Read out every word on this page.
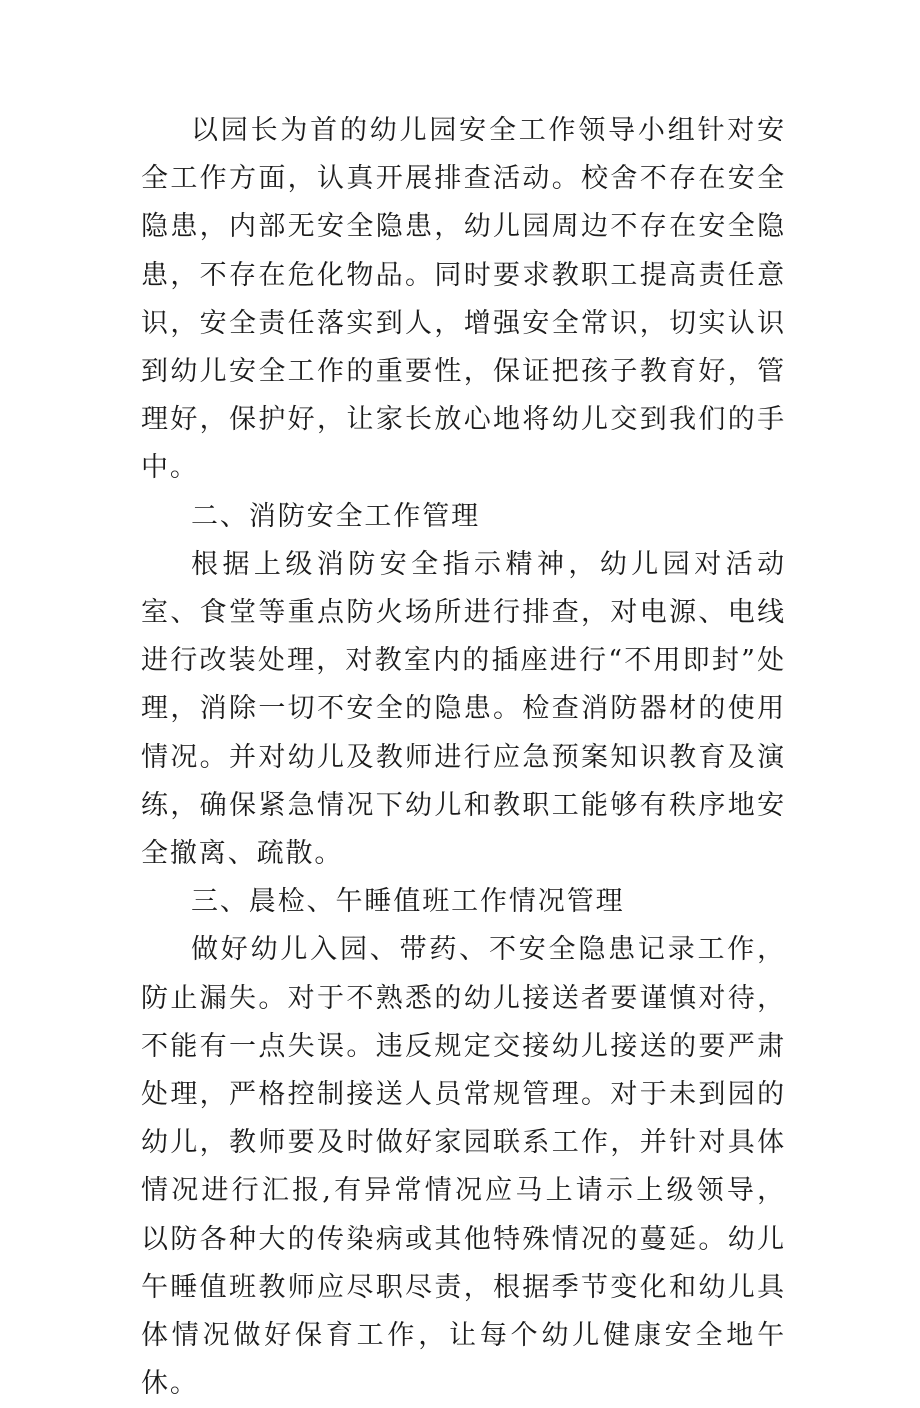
以园长为首的幼儿园安全工作领导小组针对安全工作方面，认真开展排查活动。校舍不存在安全隐患，内部无安全隐患，幼儿园周边不存在安全隐患，不存在危化物品。同时要求教职工提高责任意识，安全责任落实到人，增强安全常识，切实认识到幼儿安全工作的重要性，保证把孩子教育好，管理好，保护好，让家长放心地将幼儿交到我们的手中。

二、消防安全工作管理

根据上级消防安全指示精神，幼儿园对活动室、食堂等重点防火场所进行排查，对电源、电线进行改装处理，对教室内的插座进行“不用即封”处理，消除一切不安全的隐患。检查消防器材的使用情况。并对幼儿及教师进行应急预案知识教育及演练，确保紧急情况下幼儿和教职工能够有秩序地安全撤离、疏散。

三、晨检、午睡值班工作情况管理

做好幼儿入园、带药、不安全隐患记录工作，防止漏失。对于不熟悉的幼儿接送者要谨慎对待，不能有一点失误。违反规定交接幼儿接送的要严肃处理，严格控制接送人员常规管理。对于未到园的幼儿，教师要及时做好家园联系工作，并针对具体情况进行汇报,有异常情况应马上请示上级领导，以防各种大的传染病或其他特殊情况的蔓延。幼儿午睡值班教师应尽职尽责，根据季节变化和幼儿具体情况做好保育工作，让每个幼儿健康安全地午休。
